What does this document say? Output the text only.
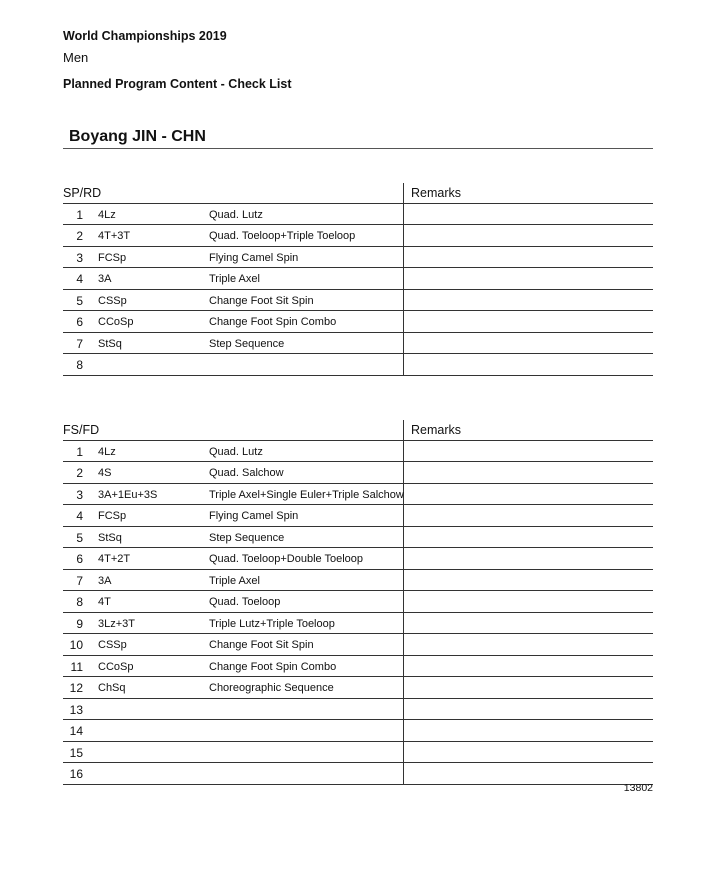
World Championships 2019
Men
Planned Program Content - Check List
Boyang JIN - CHN
SP/RD	Remarks
1 4Lz	Quad. Lutz
2 4T+3T	Quad. Toeloop+Triple Toeloop
3 FCSp	Flying Camel Spin
4 3A	Triple Axel
5 CSSp	Change Foot Sit Spin
6 CCoSp	Change Foot Spin Combo
7 StSq	Step Sequence
8
FS/FD	Remarks
1 4Lz	Quad. Lutz
2 4S	Quad. Salchow
3 3A+1Eu+3S	Triple Axel+Single Euler+Triple Salchow
4 FCSp	Flying Camel Spin
5 StSq	Step Sequence
6 4T+2T	Quad. Toeloop+Double Toeloop
7 3A	Triple Axel
8 4T	Quad. Toeloop
9 3Lz+3T	Triple Lutz+Triple Toeloop
10 CSSp	Change Foot Sit Spin
11 CCoSp	Change Foot Spin Combo
12 ChSq	Choreographic Sequence
13
14
15
16
13802
